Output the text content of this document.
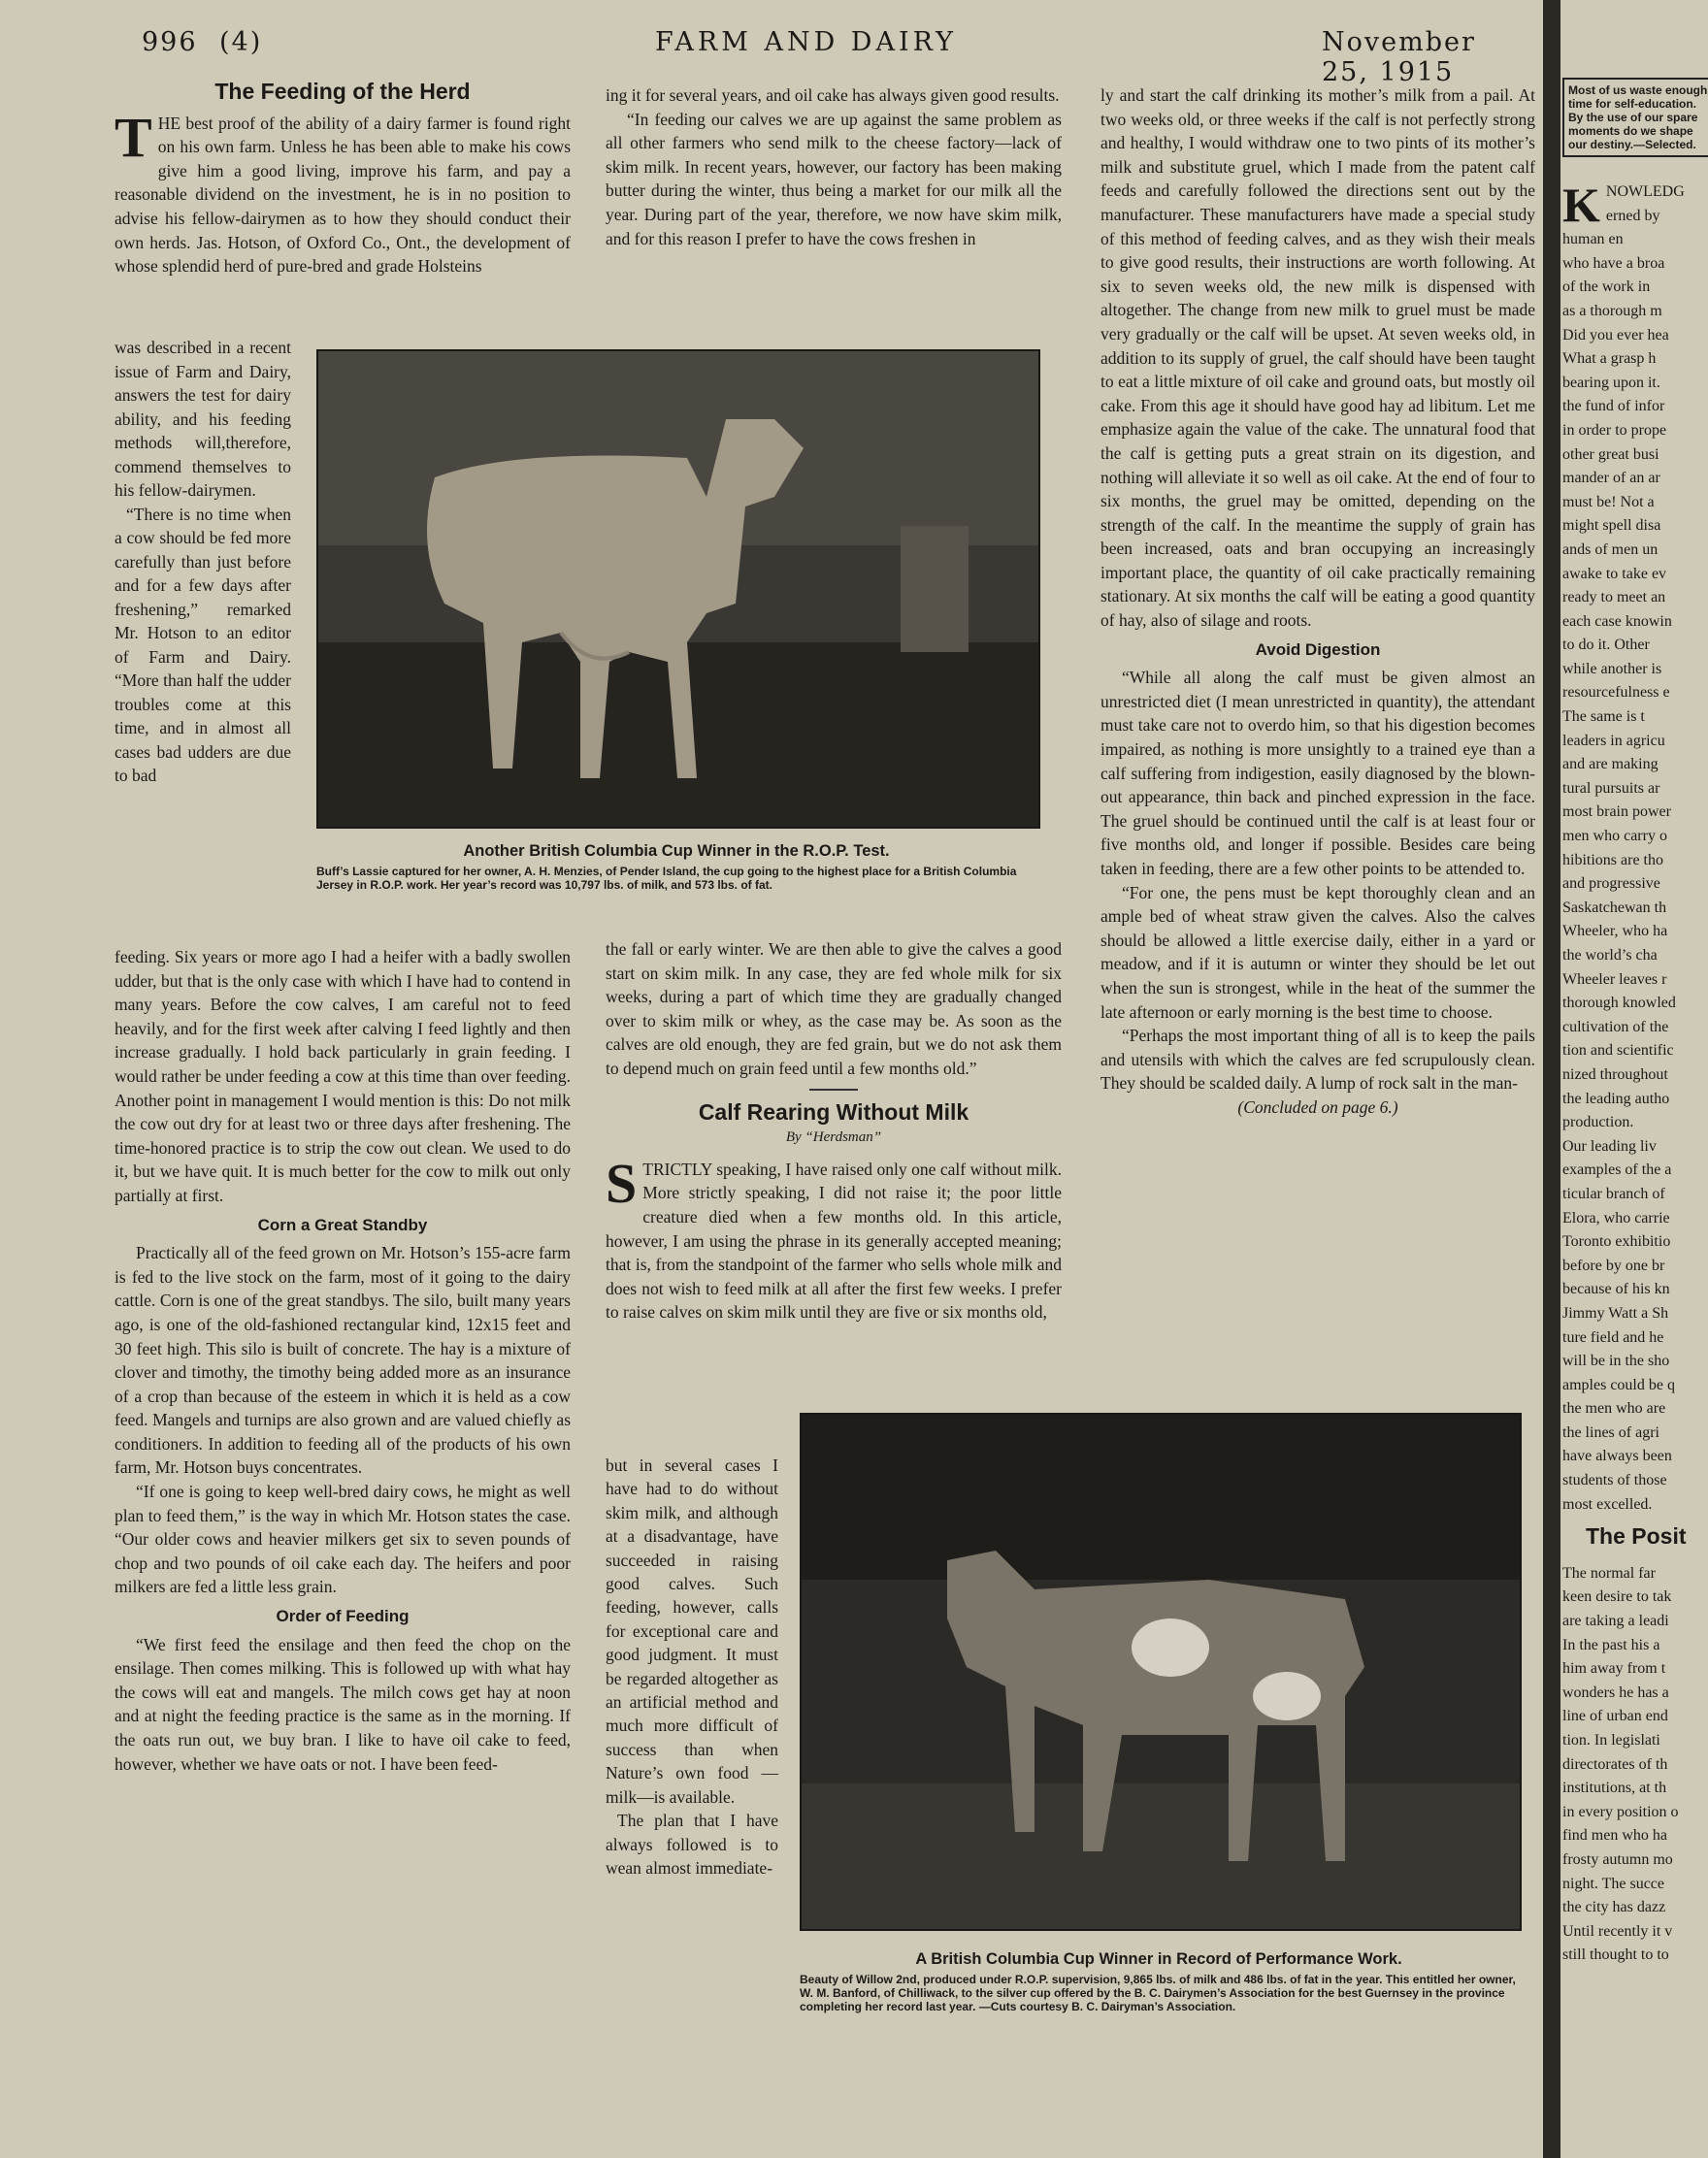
996 (4)	FARM AND DAIRY	November 25, 1915
The Feeding of the Herd

THE best proof of the ability of a dairy farmer is found right on his own farm. Unless he has been able to make his cows give him a good living, improve his farm, and pay a reasonable dividend on the investment, he is in no position to advise his fellow-dairymen as to how they should conduct their own herds. Jas. Hotson, of Oxford Co., Ont., the development of whose splendid herd of pure-bred and grade Holsteins

was described in a recent issue of Farm and Dairy, answers the test for dairy ability, and his feeding methods will,therefore, commend themselves to his fellow-dairymen.

“There is no time when a cow should be fed more carefully than just before and for a few days after freshening,” remarked Mr. Hotson to an editor of Farm and Dairy. “More than half the udder troubles come at this time, and in almost all cases bad udders are due to bad

feeding. Six years or more ago I had a heifer with a badly swollen udder, but that is the only case with which I have had to contend in many years. Before the cow calves, I am careful not to feed heavily, and for the first week after calving I feed lightly and then increase gradually. I hold back particularly in grain feeding. I would rather be under feeding a cow at this time than over feeding. Another point in management I would mention is this: Do not milk the cow out dry for at least two or three days after freshening. The time-honored practice is to strip the cow out clean. We used to do it, but we have quit. It is much better for the cow to milk out only partially at first.

Corn a Great Standby

Practically all of the feed grown on Mr. Hotson’s 155-acre farm is fed to the live stock on the farm, most of it going to the dairy cattle. Corn is one of the great standbys. The silo, built many years ago, is one of the old-fashioned rectangular kind, 12x15 feet and 30 feet high. This silo is built of concrete. The hay is a mixture of clover and timothy, the timothy being added more as an insurance of a crop than because of the esteem in which it is held as a cow feed. Mangels and turnips are also grown and are valued chiefly as conditioners. In addition to feeding all of the products of his own farm, Mr. Hotson buys concentrates.

“If one is going to keep well-bred dairy cows, he might as well plan to feed them,” is the way in which Mr. Hotson states the case. “Our older cows and heavier milkers get six to seven pounds of chop and two pounds of oil cake each day. The heifers and poor milkers are fed a little less grain.

Order of Feeding

“We first feed the ensilage and then feed the chop on the ensilage. Then comes milking. This is followed up with what hay the cows will eat and mangels. The milch cows get hay at noon and at night the feeding practice is the same as in the morning. If the oats run out, we buy bran. I like to have oil cake to feed, however, whether we have oats or not. I have been feed-

ing it for several years, and oil cake has always given good results.

“In feeding our calves we are up against the same problem as all other farmers who send milk to the cheese factory—lack of skim milk. In recent years, however, our factory has been making butter during the winter, thus being a market for our milk all the year. During part of the year, therefore, we now have skim milk, and for this reason I prefer to have the cows freshen in

Another British Columbia Cup Winner in the R.O.P. Test.
Buff’s Lassie captured for her owner, A. H. Menzies, of Pender Island, the cup going to the highest place for a British Columbia Jersey in R.O.P. work. Her year’s record was 10,797 lbs. of milk, and 573 lbs. of fat.

the fall or early winter. We are then able to give the calves a good start on skim milk. In any case, they are fed whole milk for six weeks, during a part of which time they are gradually changed over to skim milk or whey, as the case may be. As soon as the calves are old enough, they are fed grain, but we do not ask them to depend much on grain feed until a few months old.”

Calf Rearing Without Milk
By “Herdsman”

STRICTLY speaking, I have raised only one calf without milk. More strictly speaking, I did not raise it; the poor little creature died when a few months old. In this article, however, I am using the phrase in its generally accepted meaning; that is, from the standpoint of the farmer who sells whole milk and does not wish to feed milk at all after the first few weeks. I prefer to raise calves on skim milk until they are five or six months old,

but in several cases I have had to do without skim milk, and although at a disadvantage, have succeeded in raising good calves. Such feeding, however, calls for exceptional care and good judgment. It must be regarded altogether as an artificial method and much more difficult of success than when Nature’s own food —milk—is available.

The plan that I have always followed is to wean almost immediate-

ly and start the calf drinking its mother’s milk from a pail. At two weeks old, or three weeks if the calf is not perfectly strong and healthy, I would withdraw one to two pints of its mother’s milk and substitute gruel, which I made from the patent calf feeds and carefully followed the directions sent out by the manufacturer. These manufacturers have made a special study of this method of feeding calves, and as they wish their meals to give good results, their instructions are worth following. At six to seven weeks old, the new milk is dispensed with altogether. The change from new milk to gruel must be made very gradually or the calf will be upset. At seven weeks old, in addition to its supply of gruel, the calf should have been taught to eat a little mixture of oil cake and ground oats, but mostly oil cake. From this age it should have good hay ad libitum. Let me emphasize again the value of the cake. The unnatural food that the calf is getting puts a great strain on its digestion, and nothing will alleviate it so well as oil cake. At the end of four to six months, the gruel may be omitted, depending on the strength of the calf. In the meantime the supply of grain has been increased, oats and bran occupying an increasingly important place, the quantity of oil cake practically remaining stationary. At six months the calf will be eating a good quantity of hay, also of silage and roots.

Avoid Digestion

“While all along the calf must be given almost an unrestricted diet (I mean unrestricted in quantity), the attendant must take care not to overdo him, so that his digestion becomes impaired, as nothing is more unsightly to a trained eye than a calf suffering from indigestion, easily diagnosed by the blown-out appearance, thin back and pinched expression in the face. The gruel should be continued until the calf is at least four or five months old, and longer if possible. Besides care being taken in feeding, there are a few other points to be attended to.

“For one, the pens must be kept thoroughly clean and an ample bed of wheat straw given the calves. Also the calves should be allowed a little exercise daily, either in a yard or meadow, and if it is autumn or winter they should be let out when the sun is strongest, while in the heat of the summer the late afternoon or early morning is the best time to choose.

“Perhaps the most important thing of all is to keep the pails and utensils with which the calves are fed scrupulously clean. They should be scalded daily. A lump of rock salt in the man-

(Concluded on page 6.)
A British Columbia Cup Winner in Record of Performance Work.
Beauty of Willow 2nd, produced under R.O.P. supervision, 9,865 lbs. of milk and 486 lbs. of fat in the year. This entitled her owner, W. M. Banford, of Chilliwack, to the silver cup offered by the B. C. Dairymen’s Association for the best Guernsey in the province completing her record last year. —Cuts courtesy B. C. Dairyman’s Association.
Most of us waste enough time for self-education. By the use of our spare moments do we shape our destiny.—Selected.
K NOWLEDG
erned by
human en
who have a broa
of the work in
as a thorough m
Did you ever hea
What a grasp h
bearing upon it.
the fund of infor
in order to prope
other great busi
mander of an ar
must be! Not a
might spell disa
ands of men un
awake to take ev
ready to meet an
each case knowin
to do it. Other
while another is
resourcefulness e
The same is t
leaders in agricu
and are making
tural pursuits ar
most brain power
men who carry o
hibitions are tho
and progressive
Saskatchewan th
Wheeler, who ha
the world’s cha
Wheeler leaves r
thorough knowled
cultivation of the
tion and scientific
nized throughout
the leading autho
production.
Our leading liv
examples of the a
ticular branch of
Elora, who carrie
Toronto exhibitio
before by one br
because of his kn
Jimmy Watt a Sh
ture field and he
will be in the sho
amples could be q
the men who are
the lines of agri
have always been
students of those
most excelled.
The Posit
The normal far
keen desire to tak
are taking a leadi
In the past his a
him away from t
wonders he has a
line of urban end
tion. In legislati
directorates of th
institutions, at th
in every position o
find men who ha
frosty autumn mo
night. The succe
the city has dazz
Until recently it v
still thought to to
